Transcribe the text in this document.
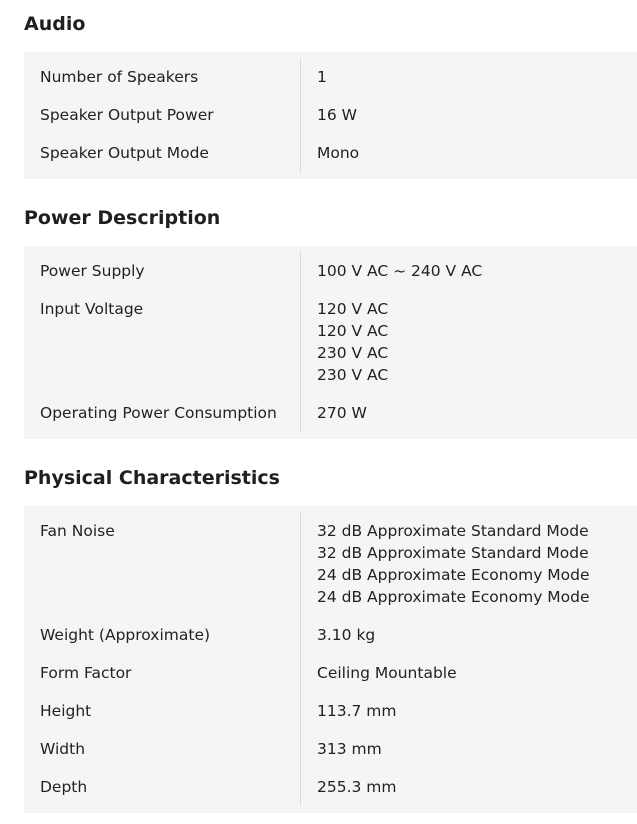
Audio
Number of Speakers	1
Speaker Output Power	16 W
Speaker Output Mode	Mono
Power Description
Power Supply	100 V AC ~ 240 V AC
Input Voltage	120 V AC
120 V AC
230 V AC
230 V AC
Operating Power Consumption	270 W
Physical Characteristics
Fan Noise	32 dB Approximate Standard Mode
32 dB Approximate Standard Mode
24 dB Approximate Economy Mode
24 dB Approximate Economy Mode
Weight (Approximate)	3.10 kg
Form Factor	Ceiling Mountable
Height	113.7 mm
Width	313 mm
Depth	255.3 mm
